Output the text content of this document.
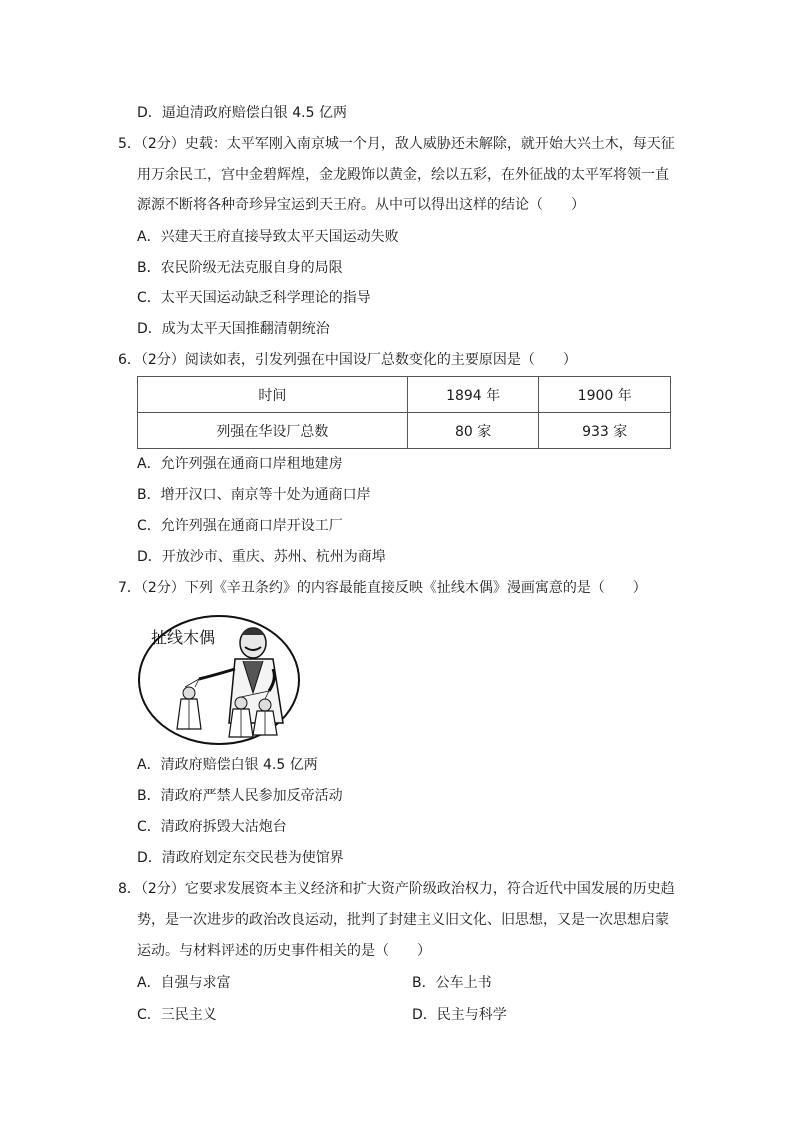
D．逼迫清政府赔偿白银 4.5 亿两
5．（2分）史载：太平军刚入南京城一个月，敌人威胁还未解除，就开始大兴土木，每天征
用万余民工，宫中金碧辉煌，金龙殿饰以黄金，绘以五彩，在外征战的太平军将领一直
源源不断将各种奇珍异宝运到天王府。从中可以得出这样的结论（　　）
A．兴建天王府直接导致太平天国运动失败
B．农民阶级无法克服自身的局限
C．太平天国运动缺乏科学理论的指导
D．成为太平天国推翻清朝统治
6．（2分）阅读如表，引发列强在中国设厂总数变化的主要原因是（　　）
时间	1894 年	1900 年
列强在华设厂总数	80 家	933 家
A．允许列强在通商口岸租地建房
B．增开汉口、南京等十处为通商口岸
C．允许列强在通商口岸开设工厂
D．开放沙市、重庆、苏州、杭州为商埠
7．（2分）下列《辛丑条约》的内容最能直接反映《扯线木偶》漫画寓意的是（　　）
扯线木偶
A．清政府赔偿白银 4.5 亿两
B．清政府严禁人民参加反帝活动
C．清政府拆毁大沽炮台
D．清政府划定东交民巷为使馆界
8．（2分）它要求发展资本主义经济和扩大资产阶级政治权力，符合近代中国发展的历史趋
势，是一次进步的政治改良运动，批判了封建主义旧文化、旧思想，又是一次思想启蒙
运动。与材料评述的历史事件相关的是（　　）
A．自强与求富	B．公车上书
C．三民主义	D．民主与科学
